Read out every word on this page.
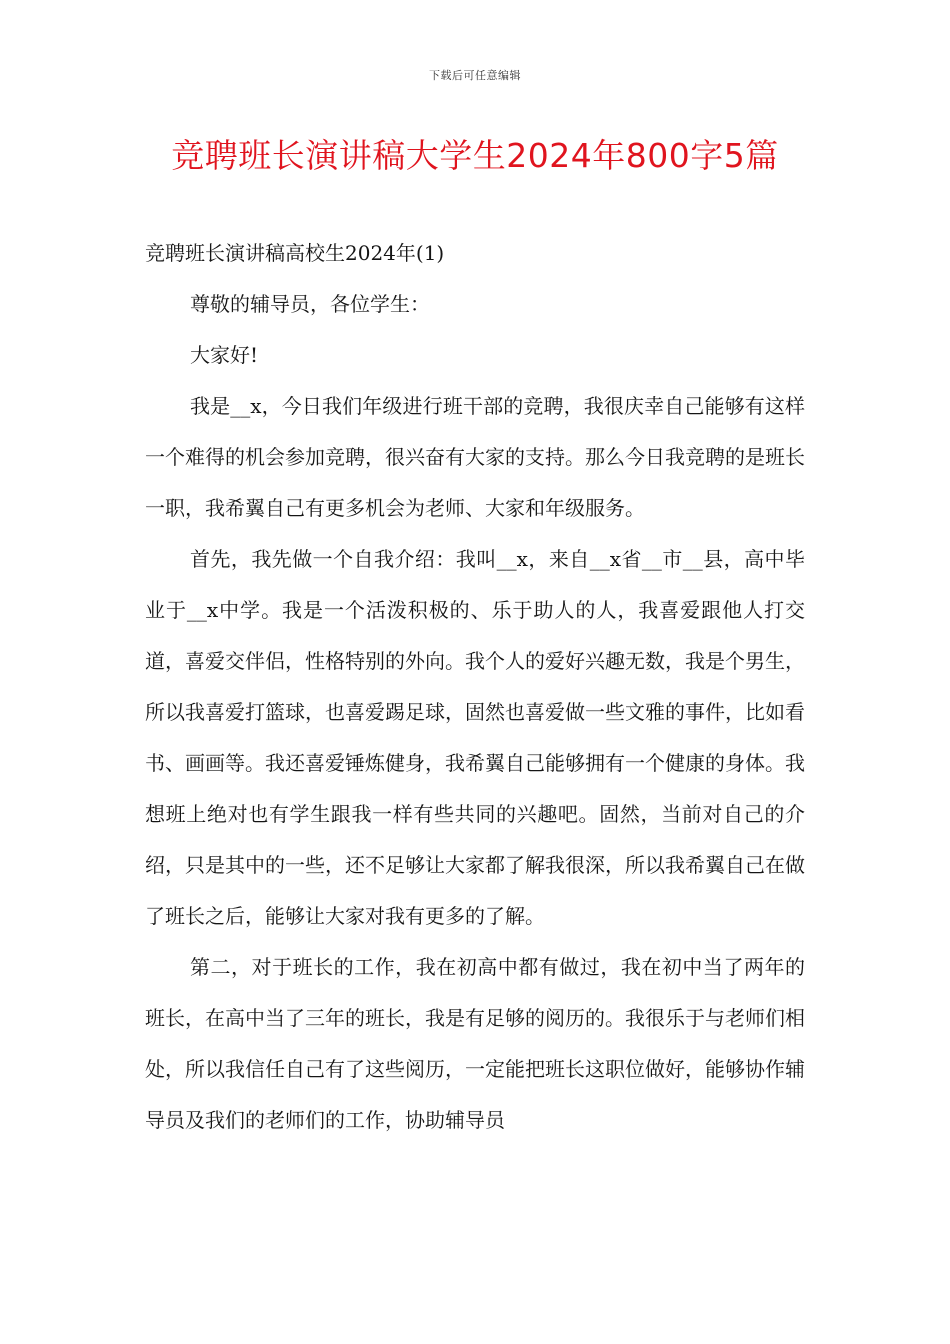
下载后可任意编辑
竞聘班长演讲稿大学生2024年800字5篇

竞聘班长演讲稿高校生2024年(1)

尊敬的辅导员，各位学生：

大家好!

我是__x，今日我们年级进行班干部的竞聘，我很庆幸自己能够有这样一个难得的机会参加竞聘，很兴奋有大家的支持。那么今日我竞聘的是班长一职，我希翼自己有更多机会为老师、大家和年级服务。

首先，我先做一个自我介绍：我叫__x，来自__x省__市__县，高中毕业于__x中学。我是一个活泼积极的、乐于助人的人，我喜爱跟他人打交道，喜爱交伴侣，性格特别的外向。我个人的爱好兴趣无数，我是个男生，所以我喜爱打篮球，也喜爱踢足球，固然也喜爱做一些文雅的事件，比如看书、画画等。我还喜爱锤炼健身，我希翼自己能够拥有一个健康的身体。我想班上绝对也有学生跟我一样有些共同的兴趣吧。固然，当前对自己的介绍，只是其中的一些，还不足够让大家都了解我很深，所以我希翼自己在做了班长之后，能够让大家对我有更多的了解。

第二，对于班长的工作，我在初高中都有做过，我在初中当了两年的班长，在高中当了三年的班长，我是有足够的阅历的。我很乐于与老师们相处，所以我信任自己有了这些阅历，一定能把班长这职位做好，能够协作辅导员及我们的老师们的工作，协助辅导员
